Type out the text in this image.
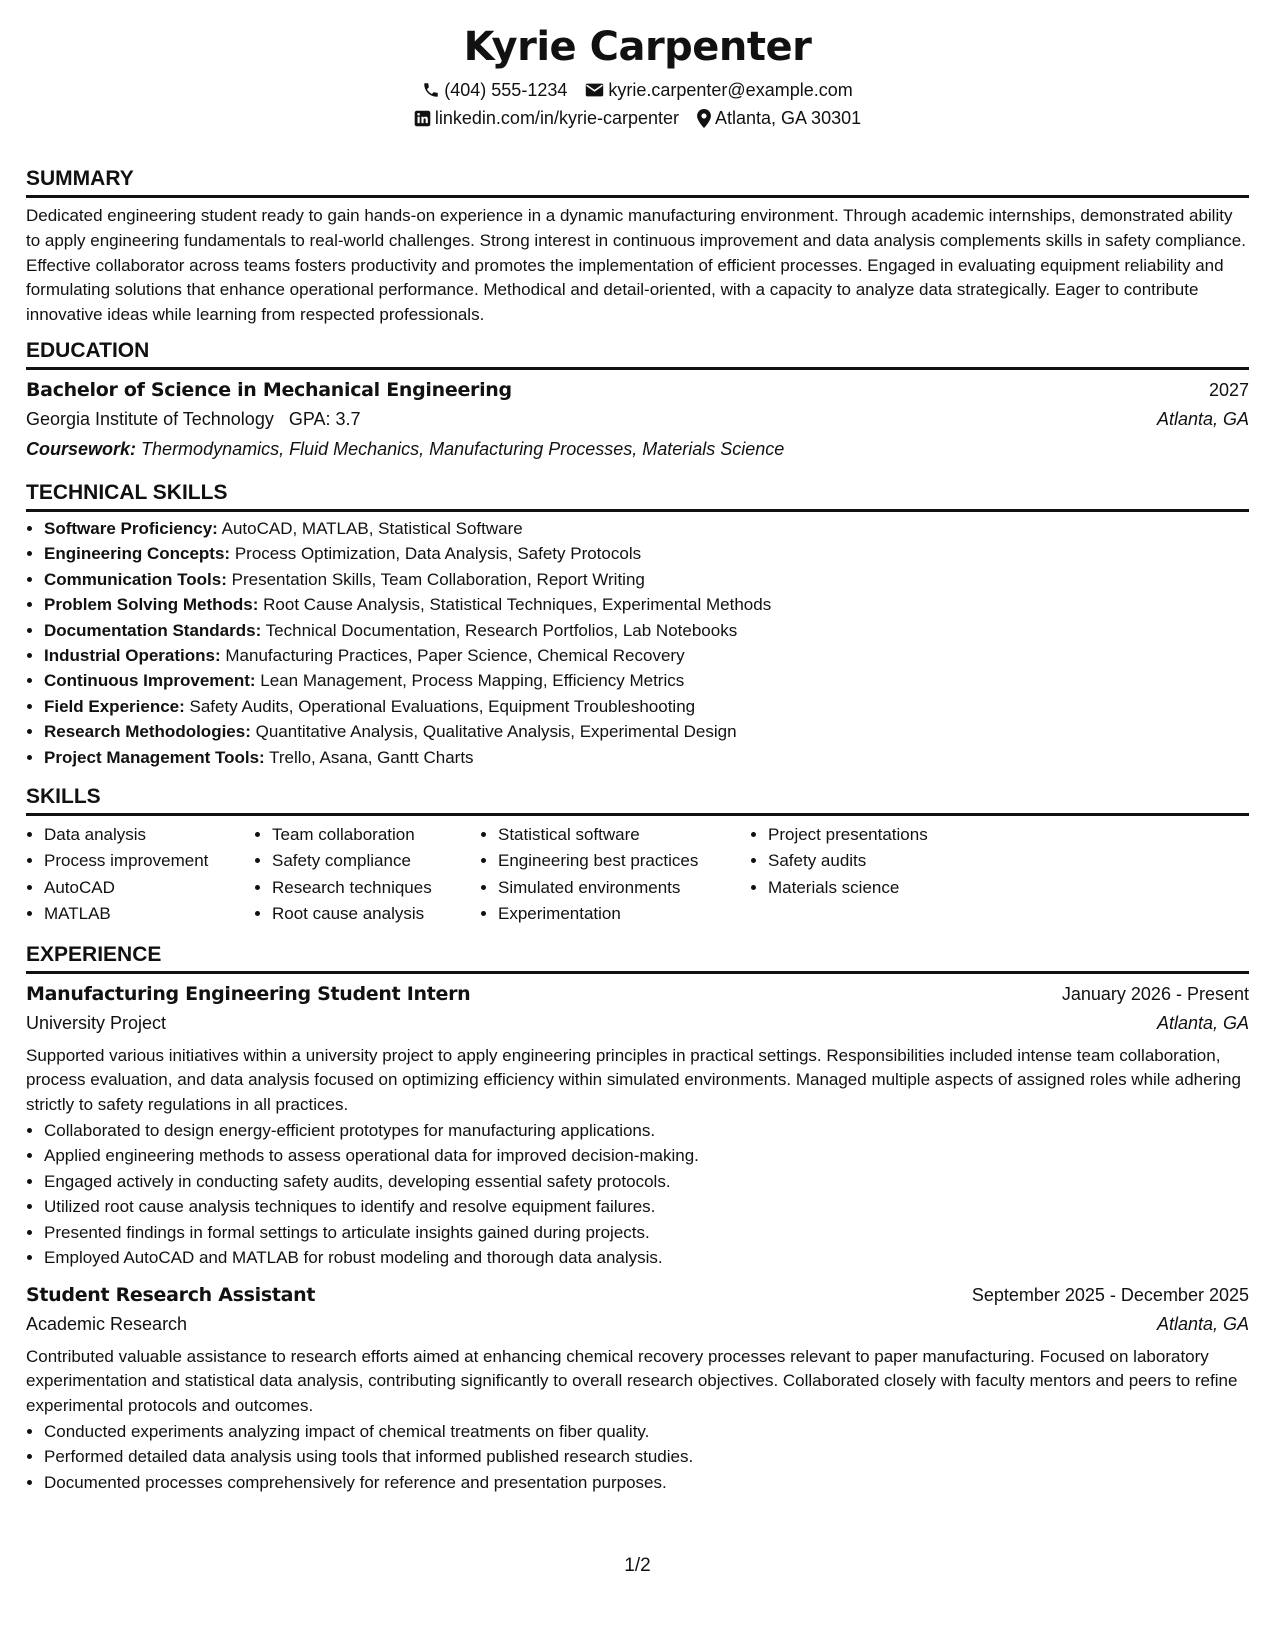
Kyrie Carpenter
(404) 555-1234 kyrie.carpenter@example.com
linkedin.com/in/kyrie-carpenter Atlanta, GA 30301
SUMMARY
Dedicated engineering student ready to gain hands-on experience in a dynamic manufacturing environment. Through academic internships, demonstrated ability to apply engineering fundamentals to real-world challenges. Strong interest in continuous improvement and data analysis complements skills in safety compliance. Effective collaborator across teams fosters productivity and promotes the implementation of efficient processes. Engaged in evaluating equipment reliability and formulating solutions that enhance operational performance. Methodical and detail-oriented, with a capacity to analyze data strategically. Eager to contribute innovative ideas while learning from respected professionals.
EDUCATION
Bachelor of Science in Mechanical Engineering	2027
Georgia Institute of Technology GPA: 3.7	Atlanta, GA
Coursework: Thermodynamics, Fluid Mechanics, Manufacturing Processes, Materials Science
TECHNICAL SKILLS
• Software Proficiency: AutoCAD, MATLAB, Statistical Software
• Engineering Concepts: Process Optimization, Data Analysis, Safety Protocols
• Communication Tools: Presentation Skills, Team Collaboration, Report Writing
• Problem Solving Methods: Root Cause Analysis, Statistical Techniques, Experimental Methods
• Documentation Standards: Technical Documentation, Research Portfolios, Lab Notebooks
• Industrial Operations: Manufacturing Practices, Paper Science, Chemical Recovery
• Continuous Improvement: Lean Management, Process Mapping, Efficiency Metrics
• Field Experience: Safety Audits, Operational Evaluations, Equipment Troubleshooting
• Research Methodologies: Quantitative Analysis, Qualitative Analysis, Experimental Design
• Project Management Tools: Trello, Asana, Gantt Charts
SKILLS
• Data analysis
• Process improvement
• AutoCAD
• MATLAB
• Team collaboration
• Safety compliance
• Research techniques
• Root cause analysis
• Statistical software
• Engineering best practices
• Simulated environments
• Experimentation
• Project presentations
• Safety audits
• Materials science
EXPERIENCE
Manufacturing Engineering Student Intern	January 2026 - Present
University Project	Atlanta, GA
Supported various initiatives within a university project to apply engineering principles in practical settings. Responsibilities included intense team collaboration, process evaluation, and data analysis focused on optimizing efficiency within simulated environments. Managed multiple aspects of assigned roles while adhering strictly to safety regulations in all practices.
• Collaborated to design energy-efficient prototypes for manufacturing applications.
• Applied engineering methods to assess operational data for improved decision-making.
• Engaged actively in conducting safety audits, developing essential safety protocols.
• Utilized root cause analysis techniques to identify and resolve equipment failures.
• Presented findings in formal settings to articulate insights gained during projects.
• Employed AutoCAD and MATLAB for robust modeling and thorough data analysis.
Student Research Assistant	September 2025 - December 2025
Academic Research	Atlanta, GA
Contributed valuable assistance to research efforts aimed at enhancing chemical recovery processes relevant to paper manufacturing. Focused on laboratory experimentation and statistical data analysis, contributing significantly to overall research objectives. Collaborated closely with faculty mentors and peers to refine experimental protocols and outcomes.
• Conducted experiments analyzing impact of chemical treatments on fiber quality.
• Performed detailed data analysis using tools that informed published research studies.
• Documented processes comprehensively for reference and presentation purposes.
1/2
